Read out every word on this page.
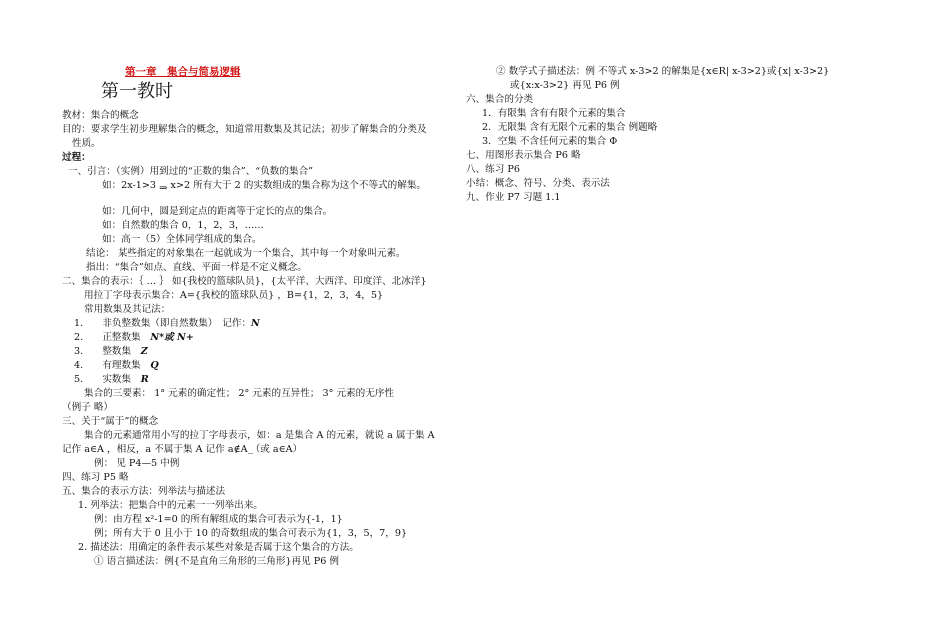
第一章　集合与简易逻辑
第一教时
教材：集合的概念
目的：要求学生初步理解集合的概念，知道常用数集及其记法；初步了解集合的分类及
性质。
过程：
一、引言：（实例）用到过的“正数的集合”、“负数的集合”
如：2x-1>3 ⇒ x>2 所有大于 2 的实数组成的集合称为这个不等式的解集。
如：几何中，圆是到定点的距离等于定长的点的集合。
如：自然数的集合 0，1，2，3，……
如：高一（5）全体同学组成的集合。
结论： 某些指定的对象集在一起就成为一个集合，其中每一个对象叫元素。
指出：“集合”如点、直线、平面一样是不定义概念。
二、集合的表示：｛ … ｝ 如{我校的篮球队员}，{太平洋、大西洋、印度洋、北冰洋}
用拉丁字母表示集合：A={我校的篮球队员} ，B={1，2，3，4，5}
常用数集及其记法：
1.　　非负整数集（即自然数集）　记作：N
2.　　正整数集　N*或 N+
3.　　整数集　Z
4.　　有理数集　Q
5.　　实数集　R
集合的三要素： 1° 元素的确定性； 2° 元素的互异性； 3° 元素的无序性
（例子 略）
三、关于“属于”的概念
集合的元素通常用小写的拉丁字母表示，如：a 是集合 A 的元素，就说 a 属于集 A
记作 a∈A ，相反，a 不属于集 A 记作 a∉A （或 a∈A）
例： 见 P4—5 中例
四、练习 P5 略
五、集合的表示方法：列举法与描述法
1. 列举法：把集合中的元素一一列举出来。
例：由方程 x²-1=0 的所有解组成的集合可表示为{-1，1}
例；所有大于 0 且小于 10 的奇数组成的集合可表示为{1，3，5，7，9}
2. 描述法：用确定的条件表示某些对象是否属于这个集合的方法。
① 语言描述法：例{不是直角三角形的三角形}再见 P6 例
‾
② 数学式子描述法：例 不等式 x-3>2 的解集是{x∈R| x-3>2}或{x| x-3>2}
或{x:x-3>2} 再见 P6 例
六、集合的分类
1．有限集 含有有限个元素的集合
2．无限集 含有无限个元素的集合 例题略
3．空集 不含任何元素的集合 Φ
七、用图形表示集合 P6 略
八、练习 P6
小结：概念、符号、分类、表示法
九、作业 P7 习题 1.1
